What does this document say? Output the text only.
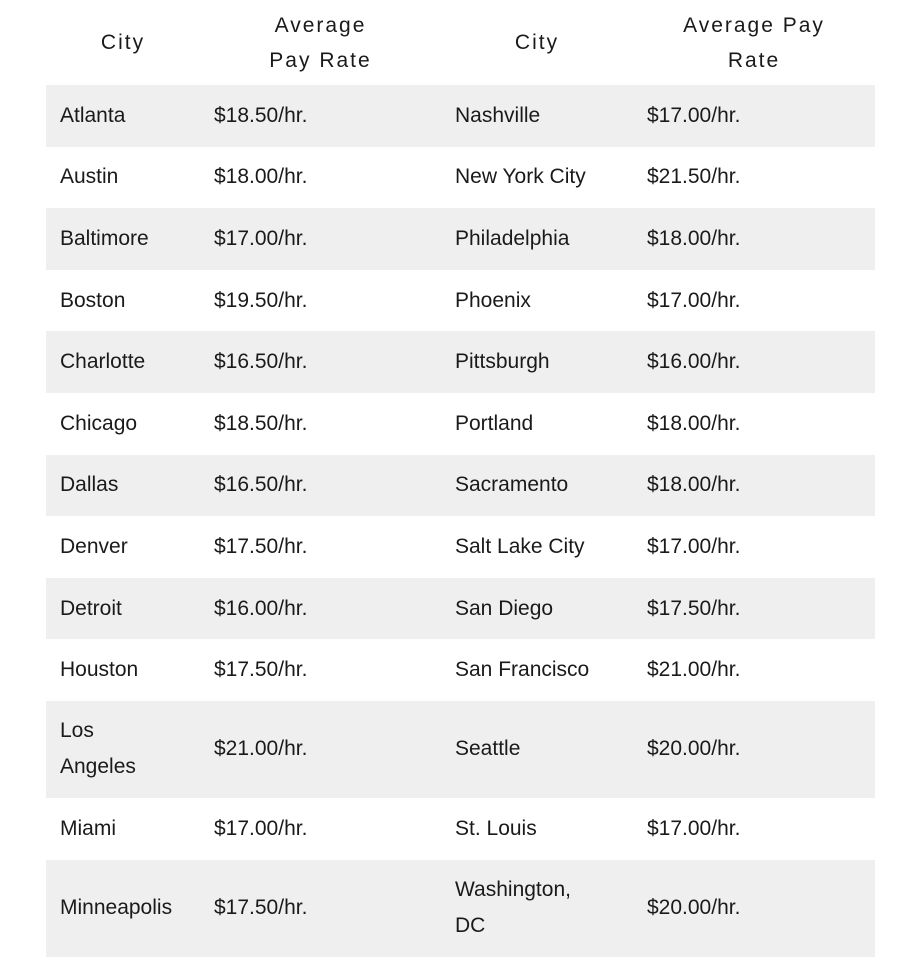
City	Average Pay Rate	City	Average Pay Rate
Atlanta	$18.50/hr.	Nashville	$17.00/hr.
Austin	$18.00/hr.	New York City	$21.50/hr.
Baltimore	$17.00/hr.	Philadelphia	$18.00/hr.
Boston	$19.50/hr.	Phoenix	$17.00/hr.
Charlotte	$16.50/hr.	Pittsburgh	$16.00/hr.
Chicago	$18.50/hr.	Portland	$18.00/hr.
Dallas	$16.50/hr.	Sacramento	$18.00/hr.
Denver	$17.50/hr.	Salt Lake City	$17.00/hr.
Detroit	$16.00/hr.	San Diego	$17.50/hr.
Houston	$17.50/hr.	San Francisco	$21.00/hr.
Los Angeles	$21.00/hr.	Seattle	$20.00/hr.
Miami	$17.00/hr.	St. Louis	$17.00/hr.
Minneapolis	$17.50/hr.	Washington, DC	$20.00/hr.
